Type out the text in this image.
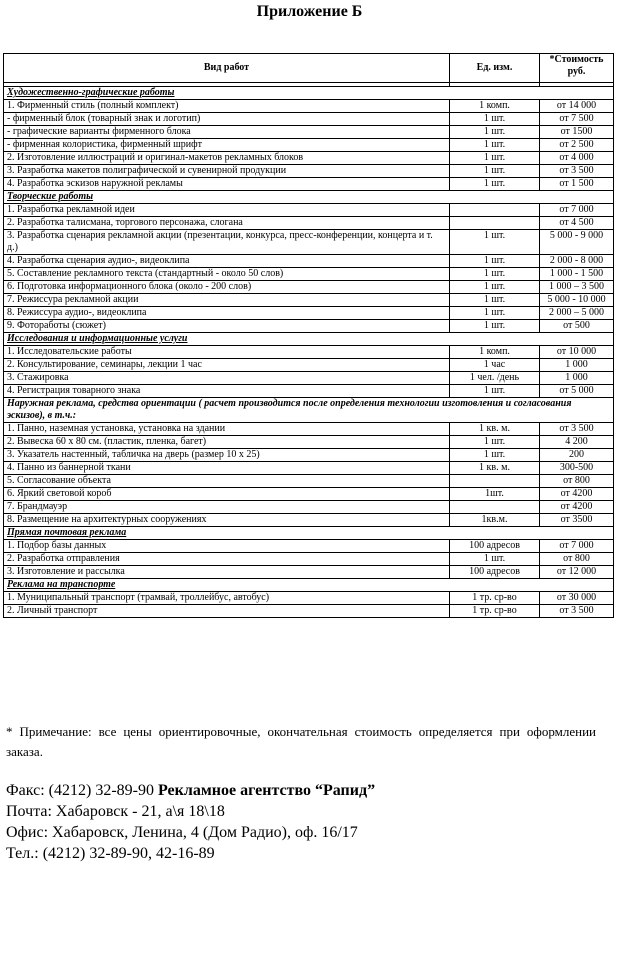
Приложение Б
Вид работ	Ед. изм.	*Стоимость
руб.

Художественно-графические работы		
1. Фирменный стиль (полный комплект)	1 комп.	от 14 000
- фирменный блок (товарный знак и логотип)	1 шт.	от 7 500
- графические варианты фирменного блока	1 шт.	от 1500
- фирменная колористика, фирменный шрифт	1 шт.	от 2 500
2. Изготовление иллюстраций и оригинал-макетов рекламных блоков	1 шт.	от 4 000
3. Разработка макетов полиграфической и сувенирной продукции	1 шт.	от 3 500
4. Разработка эскизов наружной рекламы	1 шт.	от 1 500
Творческие работы		
1. Разработка рекламной идеи		от 7 000
2. Разработка талисмана, торгового персонажа, слогана		от 4 500
3. Разработка сценария рекламной акции (презентации, конкурса, пресс-конференции, концерта и т. д.)	1 шт.	5 000 - 9 000
4. Разработка сценария аудио-, видеоклипа	1 шт.	2 000 - 8 000
5. Составление рекламного текста (стандартный - около 50 слов)	1 шт.	1 000 - 1 500
6. Подготовка информационного блока (около - 200 слов)	1 шт.	1 000 – 3 500
7. Режиссура рекламной акции	1 шт.	5 000 - 10 000
8. Режиссура аудио-, видеоклипа	1 шт.	2 000 – 5 000
9. Фотоработы (сюжет)	1 шт.	от 500
Исследования и информационные услуги		
1. Исследовательские работы	1 комп.	от 10 000
2. Консультирование, семинары, лекции 1 час	1 час	1 000
3. Стажировка	1 чел. /день	1 000
4. Регистрация товарного знака	1 шт.	от 5 000
Наружная реклама, средства ориентации ( расчет производится после определения технологии изготовления и согласования эскизов), в т.ч.:		
1. Панно, наземная установка, установка на здании	1 кв. м.	от 3 500
2. Вывеска 60 х 80 см. (пластик, пленка, багет)	1 шт.	4 200
3. Указатель настенный, табличка на дверь (размер 10 х 25)	1 шт.	200
4. Панно из баннерной ткани	1 кв. м.	300-500
5. Согласование объекта		от 800
6. Яркий световой короб	1шт.	от 4200
7. Брандмауэр		от 4200
8. Размещение на архитектурных сооружениях	1кв.м.	от 3500
Прямая почтовая реклама		
1. Подбор базы данных	100 адресов	от 7 000
2. Разработка отправления	1 шт.	от 800
3. Изготовление и рассылка	100 адресов	от 12 000
Реклама на транспорте		
1. Муниципальный транспорт (трамвай, троллейбус, автобус)	1 тр. ср-во	от 30 000
2. Личный транспорт	1 тр. ср-во	от 3 500
* Примечание: все цены ориентировочные, окончательная стоимость определяется при оформлении заказа.
Факс: (4212) 32-89-90 Рекламное агентство “Рапид”
Почта: Хабаровск - 21, а\я 18\18
Офис: Хабаровск, Ленина, 4 (Дом Радио), оф. 16/17
Тел.: (4212) 32-89-90, 42-16-89
